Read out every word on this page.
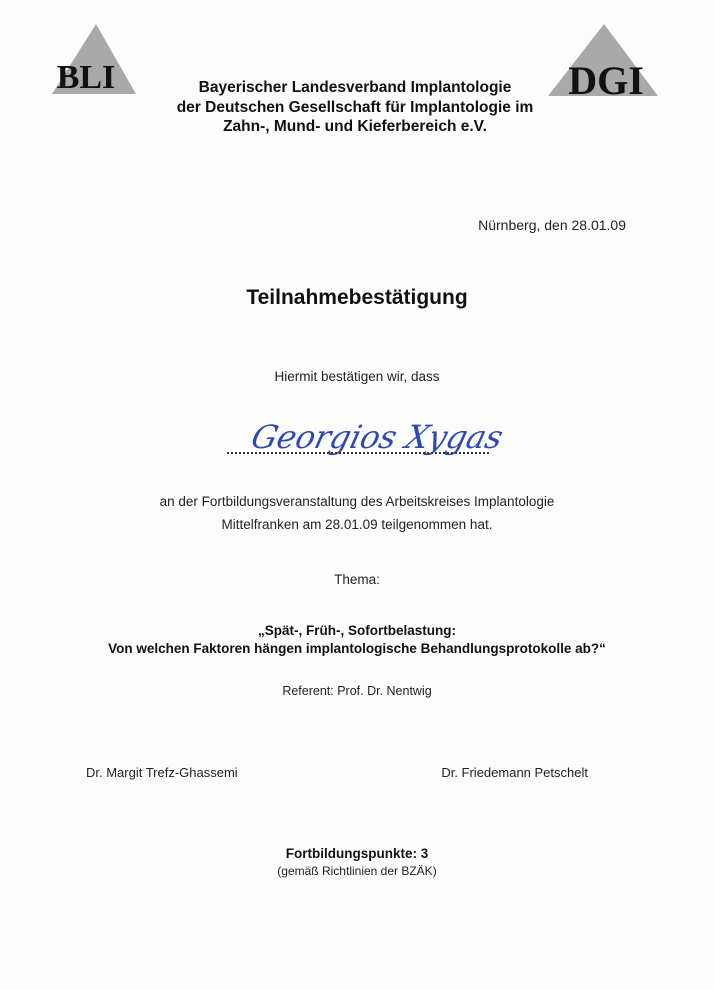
BLI	DGI
Bayerischer Landesverband Implantologie
der Deutschen Gesellschaft für Implantologie im
Zahn-, Mund- und Kieferbereich e.V.
Nürnberg, den 28.01.09
Teilnahmebestätigung
Hiermit bestätigen wir, dass
Georgios Xygas
an der Fortbildungsveranstaltung des Arbeitskreises Implantologie
Mittelfranken am 28.01.09 teilgenommen hat.
Thema:
„Spät-, Früh-, Sofortbelastung:
Von welchen Faktoren hängen implantologische Behandlungsprotokolle ab?“
Referent: Prof. Dr. Nentwig
Dr. Margit Trefz-Ghassemi	Dr. Friedemann Petschelt
Fortbildungspunkte: 3
(gemäß Richtlinien der BZÄK)
